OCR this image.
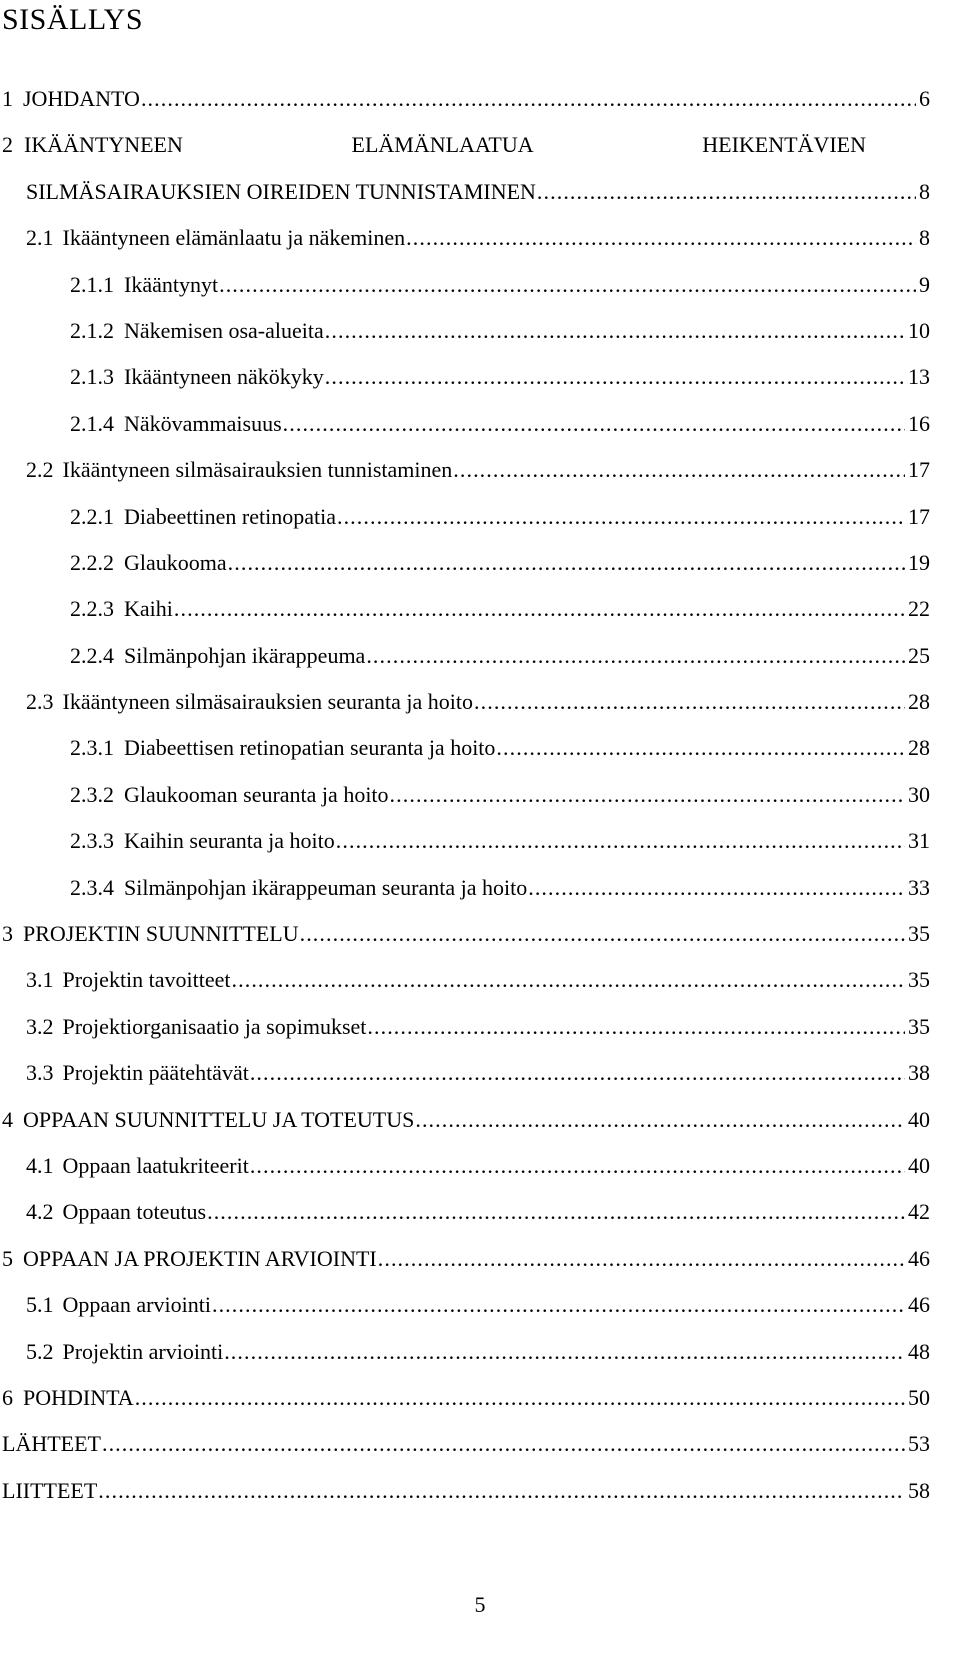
SISÄLLYS
1 JOHDANTO . . .	6
2 IKÄÄNTYNEEN	ELÄMÄNLAATUA	HEIKENTÄVIEN
SILMÄSAIRAUKSIEN OIREIDEN TUNNISTAMINEN . . .	8
2.1 Ikääntyneen elämänlaatu ja näkeminen . . .	8
2.1.1 Ikääntynyt . . .	9
2.1.2 Näkemisen osa-alueita . . .	10
2.1.3 Ikääntyneen näkökyky . . .	13
2.1.4 Näkövammaisuus . . .	16
2.2 Ikääntyneen silmäsairauksien tunnistaminen . . .	17
2.2.1 Diabeettinen retinopatia . . .	17
2.2.2 Glaukooma . . .	19
2.2.3 Kaihi . . .	22
2.2.4 Silmänpohjan ikärappeuma . . .	25
2.3 Ikääntyneen silmäsairauksien seuranta ja hoito . . .	28
2.3.1 Diabeettisen retinopatian seuranta ja hoito . . .	28
2.3.2 Glaukooman seuranta ja hoito . . .	30
2.3.3 Kaihin seuranta ja hoito . . .	31
2.3.4 Silmänpohjan ikärappeuman seuranta ja hoito . . .	33
3 PROJEKTIN SUUNNITTELU . . .	35
3.1 Projektin tavoitteet . . .	35
3.2 Projektiorganisaatio ja sopimukset . . .	35
3.3 Projektin päätehtävät . . .	38
4 OPPAAN SUUNNITTELU JA TOTEUTUS . . .	40
4.1 Oppaan laatukriteerit . . .	40
4.2 Oppaan toteutus . . .	42
5 OPPAAN JA PROJEKTIN ARVIOINTI . . .	46
5.1 Oppaan arviointi . . .	46
5.2 Projektin arviointi . . .	48
6 POHDINTA . . .	50
LÄHTEET . . .	53
LIITTEET . . .	58
5
